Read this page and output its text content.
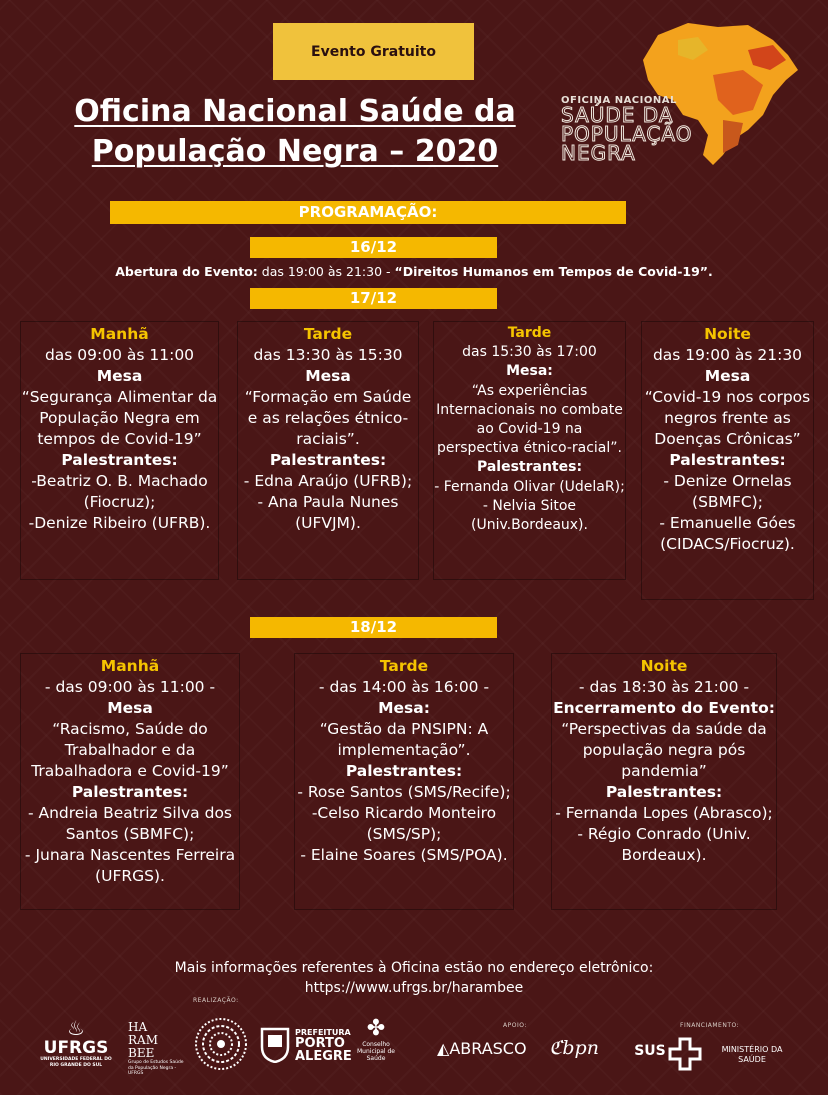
Evento Gratuito
Oficina Nacional Saúde da
População Negra – 2020
OFICINA NACIONAL
SAÚDE DA
POPULAÇÃO
NEGRA
PROGRAMAÇÃO:
16/12
Abertura do Evento: das 19:00 às 21:30 - “Direitos Humanos em Tempos de Covid-19”.
17/12
Manhã
das 09:00 às 11:00
Mesa
“Segurança Alimentar da População Negra em tempos de Covid-19”
Palestrantes:
-Beatriz O. B. Machado (Fiocruz);
-Denize Ribeiro (UFRB).
Tarde
das 13:30 às 15:30
Mesa
“Formação em Saúde e as relações étnico-raciais”.
Palestrantes:
- Edna Araújo (UFRB);
- Ana Paula Nunes (UFVJM).
Tarde
das 15:30 às 17:00
Mesa:
“As experiências Internacionais no combate ao Covid-19 na perspectiva étnico-racial”.
Palestrantes:
- Fernanda Olivar (UdelaR);
- Nelvia Sitoe (Univ.Bordeaux).
Noite
das 19:00 às 21:30
Mesa
“Covid-19 nos corpos negros frente as Doenças Crônicas”
Palestrantes:
- Denize Ornelas (SBMFC);
- Emanuelle Góes (CIDACS/Fiocruz).
18/12
Manhã
- das 09:00 às 11:00 -
Mesa
“Racismo, Saúde do Trabalhador e da Trabalhadora e Covid-19”
Palestrantes:
- Andreia Beatriz Silva dos Santos (SBMFC);
- Junara Nascentes Ferreira (UFRGS).
Tarde
- das 14:00 às 16:00 -
Mesa:
“Gestão da PNSIPN: A implementação”.
Palestrantes:
- Rose Santos (SMS/Recife);
-Celso Ricardo Monteiro (SMS/SP);
- Elaine Soares (SMS/POA).
Noite
- das 18:30 às 21:00 -
Encerramento do Evento:
“Perspectivas da saúde da população negra pós pandemia”
Palestrantes:
- Fernanda Lopes (Abrasco);
- Régio Conrado (Univ. Bordeaux).
Mais informações referentes à Oficina estão no endereço eletrônico:
https://www.ufrgs.br/harambee
REALIZAÇÃO:
APOIO:	FINANCIAMENTO:
♨
UFRGS
UNIVERSIDADE FEDERAL DO RIO GRANDE DO SUL
HA RAM BEE
Grupo de Estudos Saúde da População Negra - UFRGS
PREFEITURA
PORTO
ALEGRE
✤
Conselho Municipal de Saúde
◭ABRASCO	ℭbpn	SUS	MINISTÉRIO DA SAÚDE
